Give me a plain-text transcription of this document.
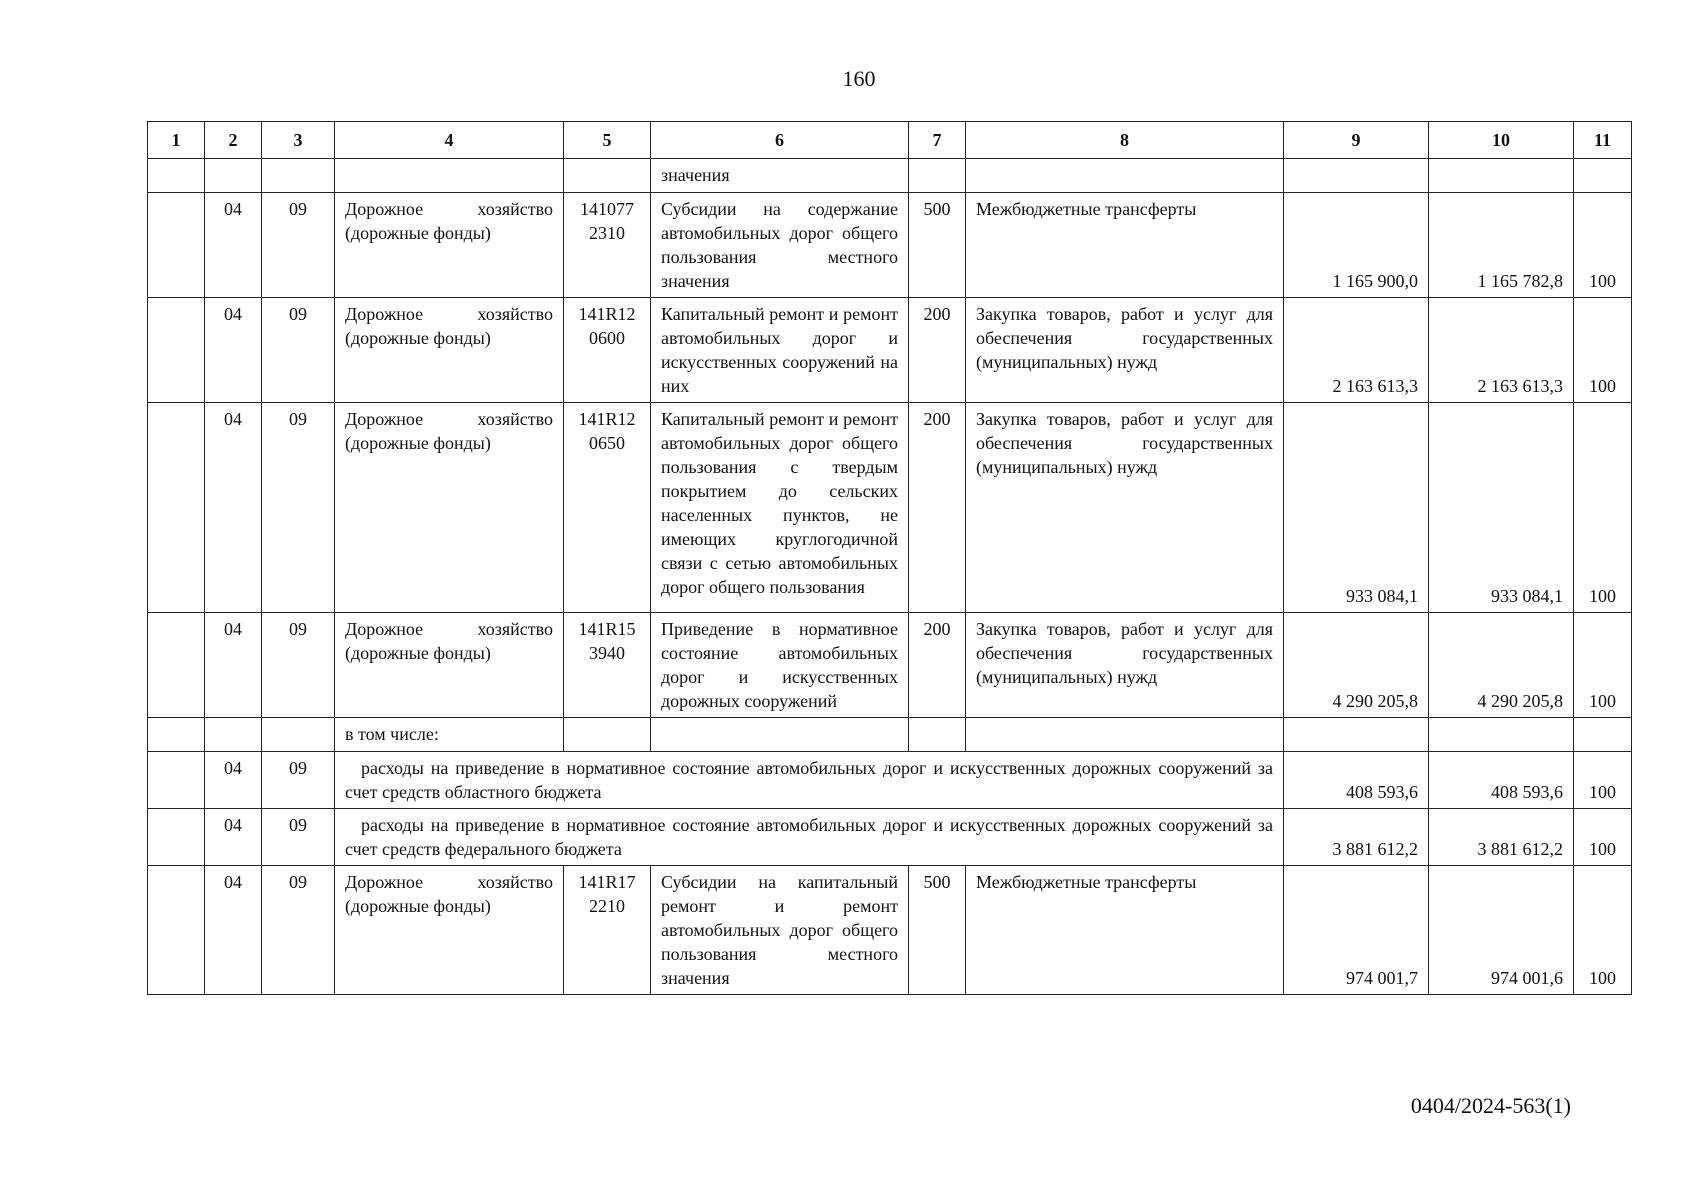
160
1	2	3	4	5	6	7	8	9	10	11
					значения					
	04	09	Дорожное хозяйство (дорожные фонды)	141077 2310	Субсидии на содержание автомобильных дорог общего пользования местного значения	500	Межбюджетные трансферты	1 165 900,0	1 165 782,8	100
	04	09	Дорожное хозяйство (дорожные фонды)	141R12 0600	Капитальный ремонт и ремонт автомобильных дорог и искусственных сооружений на них	200	Закупка товаров, работ и услуг для обеспечения государственных (муниципальных) нужд	2 163 613,3	2 163 613,3	100
	04	09	Дорожное хозяйство (дорожные фонды)	141R12 0650	Капитальный ремонт и ремонт автомобильных дорог общего пользования с твердым покрытием до сельских населенных пунктов, не имеющих круглогодичной связи с сетью автомобильных дорог общего пользования	200	Закупка товаров, работ и услуг для обеспечения государственных (муниципальных) нужд	933 084,1	933 084,1	100
	04	09	Дорожное хозяйство (дорожные фонды)	141R15 3940	Приведение в нормативное состояние автомобильных дорог и искусственных дорожных сооружений	200	Закупка товаров, работ и услуг для обеспечения государственных (муниципальных) нужд	4 290 205,8	4 290 205,8	100
			в том числе:							
	04	09	расходы на приведение в нормативное состояние автомобильных дорог и искусственных дорожных сооружений за счет средств областного бюджета					408 593,6	408 593,6	100
	04	09	расходы на приведение в нормативное состояние автомобильных дорог и искусственных дорожных сооружений за счет средств федерального бюджета					3 881 612,2	3 881 612,2	100
	04	09	Дорожное хозяйство (дорожные фонды)	141R17 2210	Субсидии на капитальный ремонт и ремонт автомобильных дорог общего пользования местного значения	500	Межбюджетные трансферты	974 001,7	974 001,6	100
0404/2024-563(1)
